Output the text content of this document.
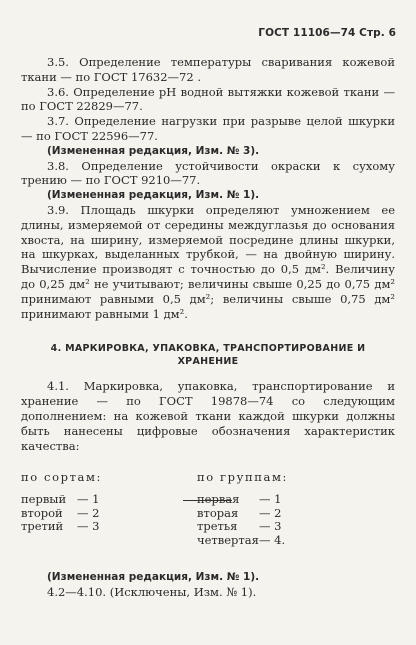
ГОСТ 11106—74 Стр. 6

3.5. Определение температуры сваривания кожевой ткани — по ГОСТ 17632—72 .

3.6. Определение рН водной вытяжки кожевой ткани — по ГОСТ 22829—77.

3.7. Определение нагрузки при разрыве целой шкурки — по ГОСТ 22596—77.

(Измененная редакция, Изм. № 3).

3.8. Определение устойчивости окраски к сухому трению — по ГОСТ 9210—77.

(Измененная редакция, Изм. № 1).

3.9. Площадь шкурки определяют умножением ее длины, измеряемой от середины междуглазья до основания хвоста, на ширину, измеряемой посредине длины шкурки, на шкурках, выделанных трубкой, — на двойную ширину. Вычисление производят с точностью до 0,5 дм². Величину до 0,25 дм² не учитывают; величины свыше 0,25 до 0,75 дм² принимают равными 0,5 дм²; величины свыше 0,75 дм² принимают равными 1 дм².

4. МАРКИРОВКА, УПАКОВКА, ТРАНСПОРТИРОВАНИЕ И ХРАНЕНИЕ

4.1. Маркировка, упаковка, транспортирование и хранение — по ГОСТ 19878—74 со следующим дополнением: на кожевой ткани каждой шкурки должны быть нанесены цифровые обозначения характеристик качества:

по сортам:
первый — 1
второй	— 2
третий	— 3
по группам:
первая	— 1
вторая	— 2
третья	— 3
четвертая — 4.

(Измененная редакция, Изм. № 1).

4.2—4.10. (Исключены, Изм. № 1).
